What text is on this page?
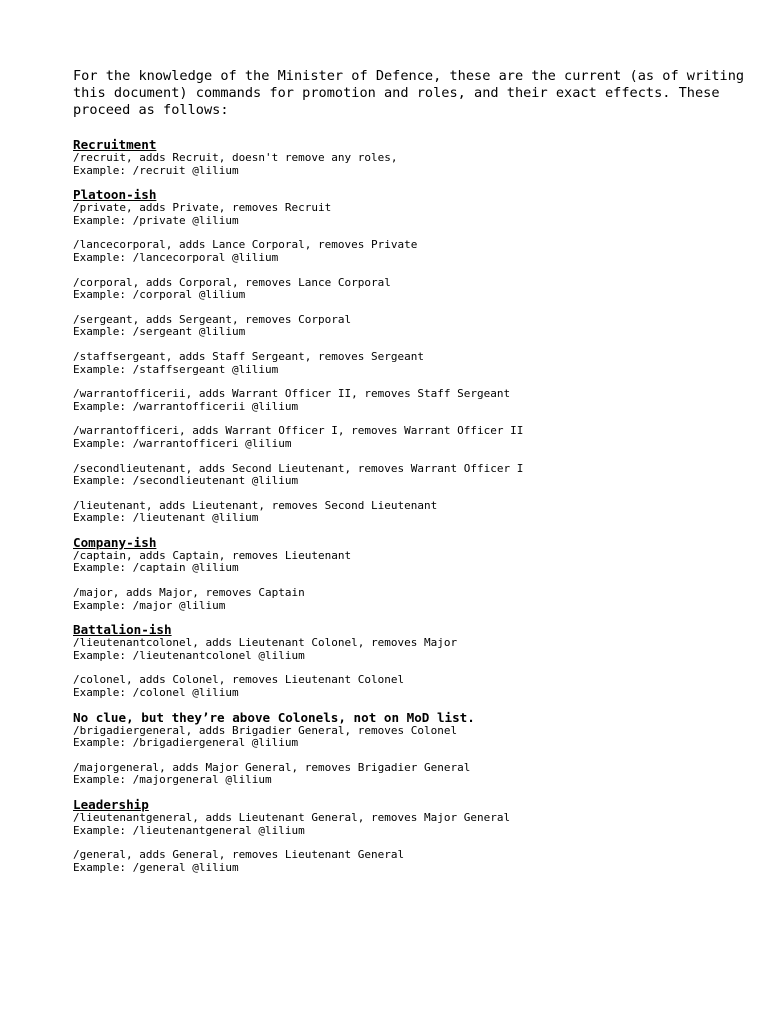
For the knowledge of the Minister of Defence, these are the current (as of writing this document) commands for promotion and roles, and their exact effects. These proceed as follows:

Recruitment
/recruit, adds Recruit, doesn't remove any roles,
Example: /recruit @lilium
Platoon-ish
/private, adds Private, removes Recruit
Example: /private @lilium
/lancecorporal, adds Lance Corporal, removes Private
Example: /lancecorporal @lilium
/corporal, adds Corporal, removes Lance Corporal
Example: /corporal @lilium
/sergeant, adds Sergeant, removes Corporal
Example: /sergeant @lilium
/staffsergeant, adds Staff Sergeant, removes Sergeant
Example: /staffsergeant @lilium
/warrantofficerii, adds Warrant Officer II, removes Staff Sergeant
Example: /warrantofficerii @lilium
/warrantofficeri, adds Warrant Officer I, removes Warrant Officer II
Example: /warrantofficeri @lilium
/secondlieutenant, adds Second Lieutenant, removes Warrant Officer I
Example: /secondlieutenant @lilium
/lieutenant, adds Lieutenant, removes Second Lieutenant
Example: /lieutenant @lilium
Company-ish
/captain, adds Captain, removes Lieutenant
Example: /captain @lilium
/major, adds Major, removes Captain
Example: /major @lilium
Battalion-ish
/lieutenantcolonel, adds Lieutenant Colonel, removes Major
Example: /lieutenantcolonel @lilium
/colonel, adds Colonel, removes Lieutenant Colonel
Example: /colonel @lilium
No clue, but they’re above Colonels, not on MoD list.
/brigadiergeneral, adds Brigadier General, removes Colonel
Example: /brigadiergeneral @lilium
/majorgeneral, adds Major General, removes Brigadier General
Example: /majorgeneral @lilium
Leadership
/lieutenantgeneral, adds Lieutenant General, removes Major General
Example: /lieutenantgeneral @lilium
/general, adds General, removes Lieutenant General
Example: /general @lilium
